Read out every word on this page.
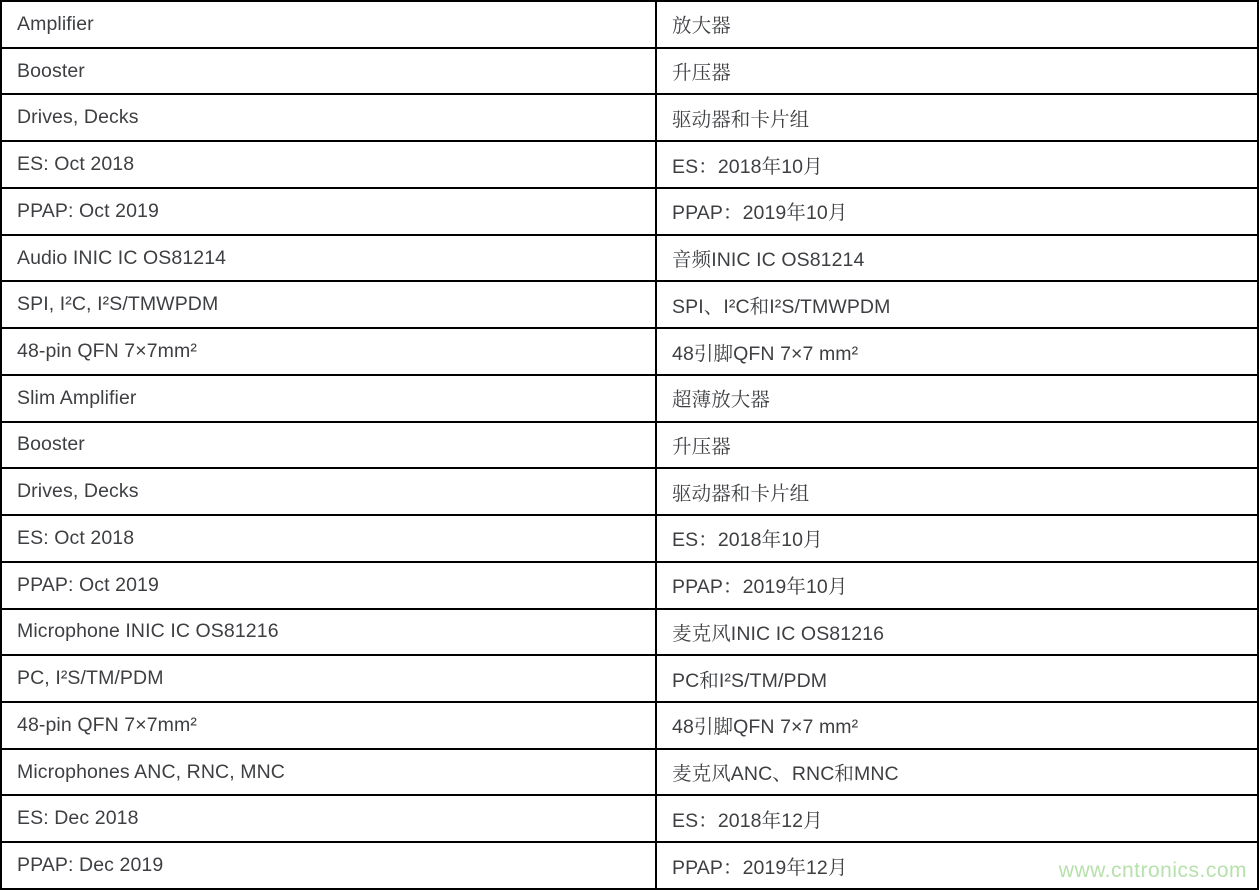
Amplifier	放大器
Booster	升压器
Drives, Decks	驱动器和卡片组
ES: Oct 2018	ES：2018年10月
PPAP: Oct 2019	PPAP：2019年10月
Audio INIC IC OS81214	音频INIC IC OS81214
SPI, I²C, I²S/TMWPDM	SPI、I²C和I²S/TMWPDM
48-pin QFN 7×7mm²	48引脚QFN 7×7 mm²
Slim Amplifier	超薄放大器
Booster	升压器
Drives, Decks	驱动器和卡片组
ES: Oct 2018	ES：2018年10月
PPAP: Oct 2019	PPAP：2019年10月
Microphone INIC IC OS81216	麦克风INIC IC OS81216
PC, I²S/TM/PDM	PC和I²S/TM/PDM
48-pin QFN 7×7mm²	48引脚QFN 7×7 mm²
Microphones ANC, RNC, MNC	麦克风ANC、RNC和MNC
ES: Dec 2018	ES：2018年12月
PPAP: Dec 2019	PPAP：2019年12月	www.cntronics.com
